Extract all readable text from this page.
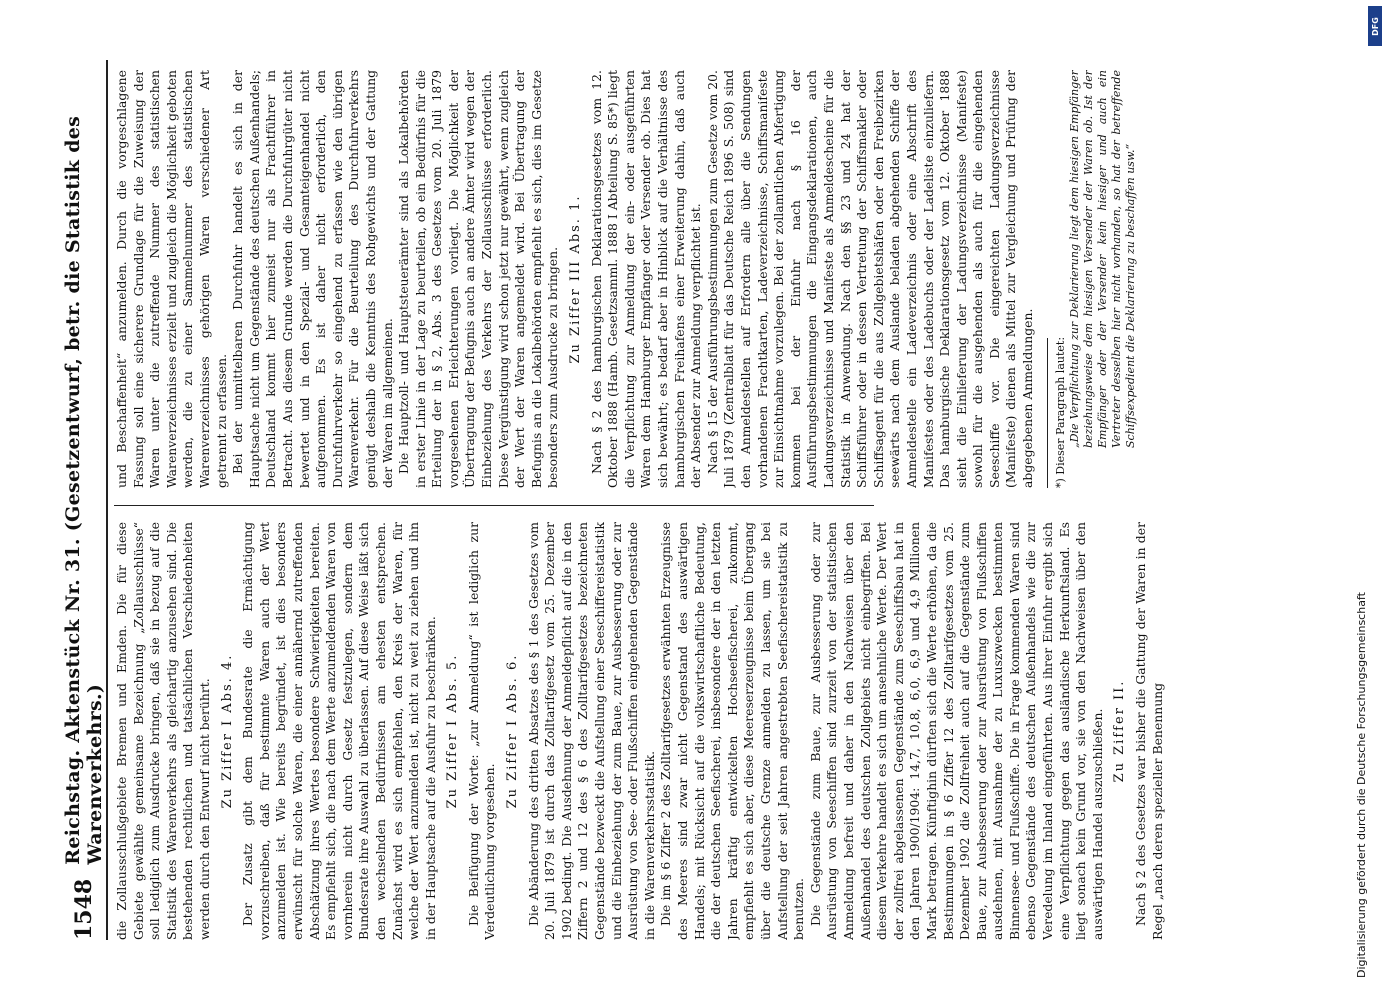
1548
Reichstag. Aktenstück Nr. 31. (Gesetzentwurf, betr. die Statistik des Warenverkehrs.) die Zollausschlußgebiete Bremen und Emden. Die für diese Gebiete gewählte gemeinsame Bezeichnung „Zollausschlüsse“ soll lediglich zum Ausdrucke bringen, daß sie in bezug auf die Statistik des Warenverkehrs als gleichartig anzusehen sind. Die bestehenden rechtlichen und tatsächlichen Verschiedenheiten werden durch den Entwurf nicht berührt. Zu Ziffer I Abs. 4. Der Zusatz gibt dem Bundesrate die Ermächtigung vorzuschreiben, daß für bestimmte Waren auch der Wert anzumelden ist. Wie bereits begründet, ist dies besonders erwünscht für solche Waren, die einer annähernd zutreffenden Abschätzung ihres Wertes besondere Schwierigkeiten bereiten. Es empfiehlt sich, die nach dem Werte anzumeldenden Waren von vornherein nicht durch Gesetz festzulegen, sondern dem Bundesrate ihre Auswahl zu überlassen. Auf diese Weise läßt sich den wechselnden Bedürfnissen am ehesten entsprechen. Zunächst wird es sich empfehlen, den Kreis der Waren, für welche der Wert anzumelden ist, nicht zu weit zu ziehen und ihn in der Hauptsache auf die Ausfuhr zu beschränken. Zu Ziffer I Abs. 5. Die Beifügung der Worte: „zur Anmeldung“ ist lediglich zur Verdeutlichung vorgesehen.

Zu Ziffer I Abs. 6. Die Abänderung des dritten Absatzes des § 1 des Gesetzes vom 20. Juli 1879 ist durch das Zolltarifgesetz vom 25. Dezember 1902 bedingt. Die Ausdehnung der Anmeldepflicht auf die in den Ziffern 2 und 12 des § 6 des Zolltarifgesetzes bezeichneten Gegenstände bezweckt die Aufstellung einer Seeschiffereistatistik und die Einbeziehung der zum Baue, zur Ausbesserung oder zur Ausrüstung von See- oder Flußschiffen eingehenden Gegenstände in die Warenverkehrsstatistik. Die im § 6 Ziffer 2 des Zolltarifgesetzes erwähnten Erzeugnisse des Meeres sind zwar nicht Gegenstand des auswärtigen Handels; mit Rücksicht auf die volkswirtschaftliche Bedeutung, die der deutschen Seefischerei, insbesondere der in den letzten Jahren kräftig entwickelten Hochseefischerei, zukommt, empfiehlt es sich aber, diese Meereserzeugnisse beim Übergang über die deutsche Grenze anmelden zu lassen, um sie bei Aufstellung der seit Jahren angestrebten Seefischereistatistik zu benutzen. Die Gegenstände zum Baue, zur Ausbesserung oder zur Ausrüstung von Seeschiffen sind zurzeit von der statistischen Anmeldung befreit und daher in den Nachweisen über den Außenhandel des deutschen Zollgebiets nicht einbegriffen. Bei diesem Verkehre handelt es sich um ansehnliche Werte. Der Wert der zollfrei abgelassenen Gegenstände zum Seeschiffsbau hat in den Jahren 1900/1904: 14,7, 10,8, 6,0, 6,9 und 4,9 Millionen Mark betragen. Künftighin dürften sich die Werte erhöhen, da die Bestimmungen in § 6 Ziffer 12 des Zolltarifgesetzes vom 25. Dezember 1902 die Zollfreiheit auch auf die Gegenstände zum Baue, zur Ausbesserung oder zur Ausrüstung von Flußschiffen ausdehnen, mit Ausnahme der zu Luxuszwecken bestimmten Binnensee- und Flußschiffe. Die in Frage kommenden Waren sind ebenso Gegenstände des deutschen Außenhandels wie die zur Veredelung im Inland eingeführten. Aus ihrer Einfuhr ergibt sich eine Verpflichtung gegen das ausländische Herkunftsland. Es liegt sonach kein Grund vor, sie von den Nachweisen über den auswärtigen Handel auszuschließen. Zu Ziffer II. Nach § 2 des Gesetzes war bisher die Gattung der Waren in der Regel „nach deren spezieller Benennung

und Beschaffenheit“ anzumelden. Durch die vorgeschlagene Fassung soll eine sicherere Grundlage für die Zuweisung der Waren unter die zutreffende Nummer des statistischen Warenverzeichnisses erzielt und zugleich die Möglichkeit geboten werden, die zu einer Sammelnummer des statistischen Warenverzeichnisses gehörigen Waren verschiedener Art getrennt zu erfassen. Bei der unmittelbaren Durchfuhr handelt es sich in der Hauptsache nicht um Gegenstände des deutschen Außenhandels; Deutschland kommt hier zumeist nur als Frachtführer in Betracht. Aus diesem Grunde werden die Durchfuhrgüter nicht bewertet und in den Spezial- und Gesamteigenhandel nicht aufgenommen. Es ist daher nicht erforderlich, den Durchfuhrverkehr so eingehend zu erfassen wie den übrigen Warenverkehr. Für die Beurteilung des Durchfuhrverkehrs genügt deshalb die Kenntnis des Rohgewichts und der Gattung der Waren im allgemeinen. Die Hauptzoll- und Hauptsteuerämter sind als Lokalbehörden in erster Linie in der Lage zu beurteilen, ob ein Bedürfnis für die Erteilung der in § 2, Abs. 3 des Gesetzes vom 20. Juli 1879 vorgesehenen Erleichterungen vorliegt. Die Möglichkeit der Übertragung der Befugnis auch an andere Ämter wird wegen der Einbeziehung des Verkehrs der Zollausschlüsse erforderlich. Diese Vergünstigung wird schon jetzt nur gewährt, wenn zugleich der Wert der Waren angemeldet wird. Bei Übertragung der Befugnis an die Lokalbehörden empfiehlt es sich, dies im Gesetze besonders zum Ausdrucke zu bringen. Zu Ziffer III Abs. 1. Nach § 2 des hamburgischen Deklarationsgesetzes vom 12. Oktober 1888 (Hamb. Gesetzsamml. 1888 I Abteilung S. 85*) liegt die Verpflichtung zur Anmeldung der ein- oder ausgeführten Waren dem Hamburger Empfänger oder Versender ob. Dies hat sich bewährt; es bedarf aber in Hinblick auf die Verhältnisse des hamburgischen Freihafens einer Erweiterung dahin, daß auch der Absender zur Anmeldung verpflichtet ist. Nach § 15 der Ausführungsbestimmungen zum Gesetze vom 20. Juli 1879 (Zentralblatt für das Deutsche Reich 1896 S. 508) sind den Anmeldestellen auf Erfordern alle über die Sendungen vorhandenen Frachtkarten, Ladeverzeichnisse, Schiffsmanifeste zur Einsichtnahme vorzulegen. Bei der zollamtlichen Abfertigung kommen bei der Einfuhr nach § 16 der Ausführungsbestimmungen die Eingangsdeklarationen, auch Ladungsverzeichnisse und Manifeste als Anmeldescheine für die Statistik in Anwendung. Nach den §§ 23 und 24 hat der Schiffsführer oder in dessen Vertretung der Schiffsmakler oder Schiffsagent für die aus Zollgebietshäfen oder den Freibezirken seewärts nach dem Auslande beladen abgehenden Schiffe der Anmeldestelle ein Ladeverzeichnis oder eine Abschrift des Manifestes oder des Ladebuchs oder der Ladeliste einzuliefern. Das hamburgische Deklarationsgesetz vom 12. Oktober 1888 sieht die Einlieferung der Ladungsverzeichnisse (Manifeste) sowohl für die ausgehenden als auch für die eingehenden Seeschiffe vor. Die eingereichten Ladungsverzeichnisse (Manifeste) dienen als Mittel zur Vergleichung und Prüfung der abgegebenen Anmeldungen. *) Dieser Paragraph lautet: „Die Verpflichtung zur Deklarierung liegt dem hiesigen Empfänger beziehungsweise dem hiesigen Versender der Waren ob. Ist der Empfänger oder der Versender kein hiesiger und auch ein Vertreter desselben hier nicht vorhanden, so hat der betreffende Schiffsexpedient die Deklarierung zu beschaffen usw.“
Digitalisierung gefördert durch die Deutsche Forschungsgemeinschaft
DFG
